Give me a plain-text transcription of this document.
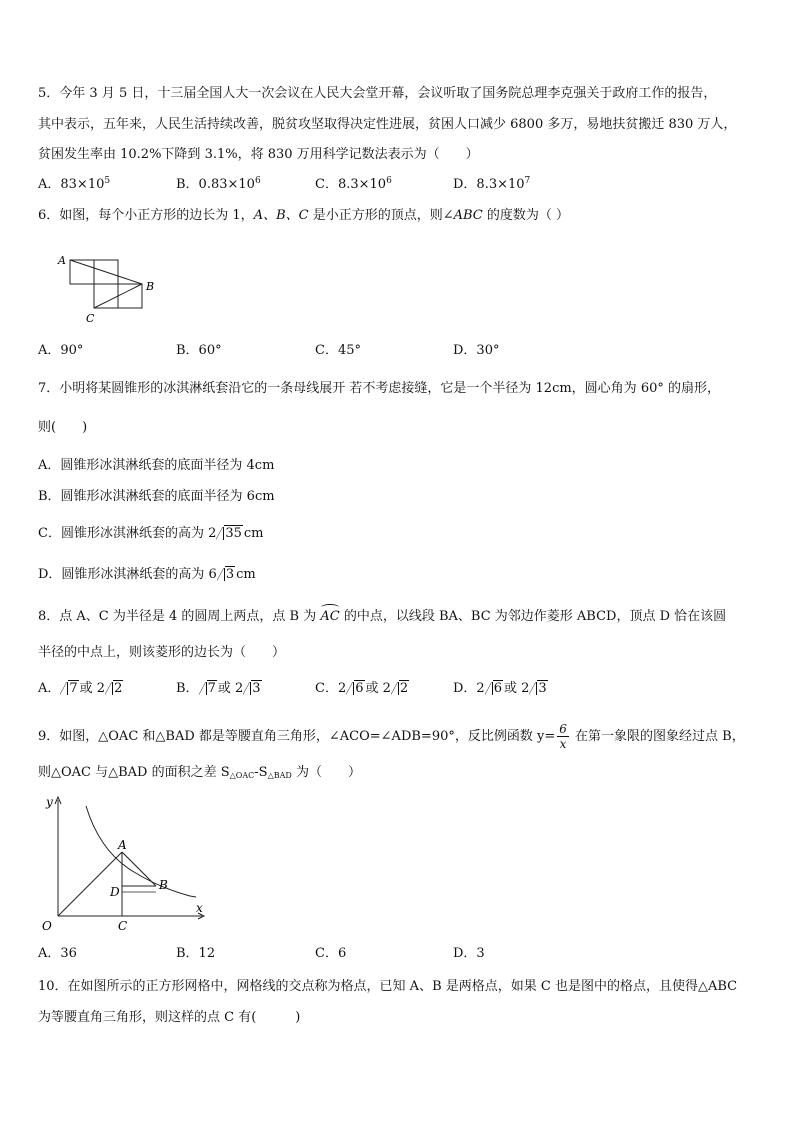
5．今年 3 月 5 日，十三届全国人大一次会议在人民大会堂开幕，会议听取了国务院总理李克强关于政府工作的报告，
其中表示，五年来，人民生活持续改善，脱贫攻坚取得决定性进展，贫困人口减少 6800 多万，易地扶贫搬迁 830 万人，
贫困发生率由 10.2%下降到 3.1%，将 830 万用科学记数法表示为（　　）
A．$83\times 10^5$	B．$0.83\times 10^6$	C．$8.3\times 10^6$	D．$8.3\times 10^7$
6．如图，每个小正方形的边长为 1，A、B、C 是小正方形的顶点，则∠ABC 的度数为（ ）
A
B
C
A．90°	B．60°	C．45°	D．30°
7．小明将某圆锥形的冰淇淋纸套沿它的一条母线展开 若不考虑接缝，它是一个半径为 12cm，圆心角为 60° 的扇形，
则(　　)
A．圆锥形冰淇淋纸套的底面半径为 4cm
B．圆锥形冰淇淋纸套的底面半径为 6cm
C．圆锥形冰淇淋纸套的高为 2 35 cm
D．圆锥形冰淇淋纸套的高为 6 3 cm
8．点 A、C 为半径是 4 的圆周上两点，点 B 为
AC 的中点，以线段 BA、BC 为邻边作菱形 ABCD，顶点 D 恰在该圆
半径的中点上，则该菱形的边长为（　　）
A． 7 或 2 2	B． 7 或 2 3	C．2 6 或 2 2	D．2 6 或 2 3
9．如图，△OAC 和△BAD 都是等腰直角三角形，∠ACO=∠ADB=90°，反比例函数 $y= \frac{6}{x}$ 在第一象限的图象经过点 B，
则△OAC 与△BAD 的面积之差 $S_{\triangle OAC}-S_{\triangle BAD}$ 为（　　）
y
x
O
A
B
C
D
A．36	B．12	C．6	D．3
10．在如图所示的正方形网格中，网格线的交点称为格点，已知 A、B 是两格点，如果 C 也是图中的格点，且使得△ABC
为等腰直角三角形，则这样的点 C 有(　　　)
